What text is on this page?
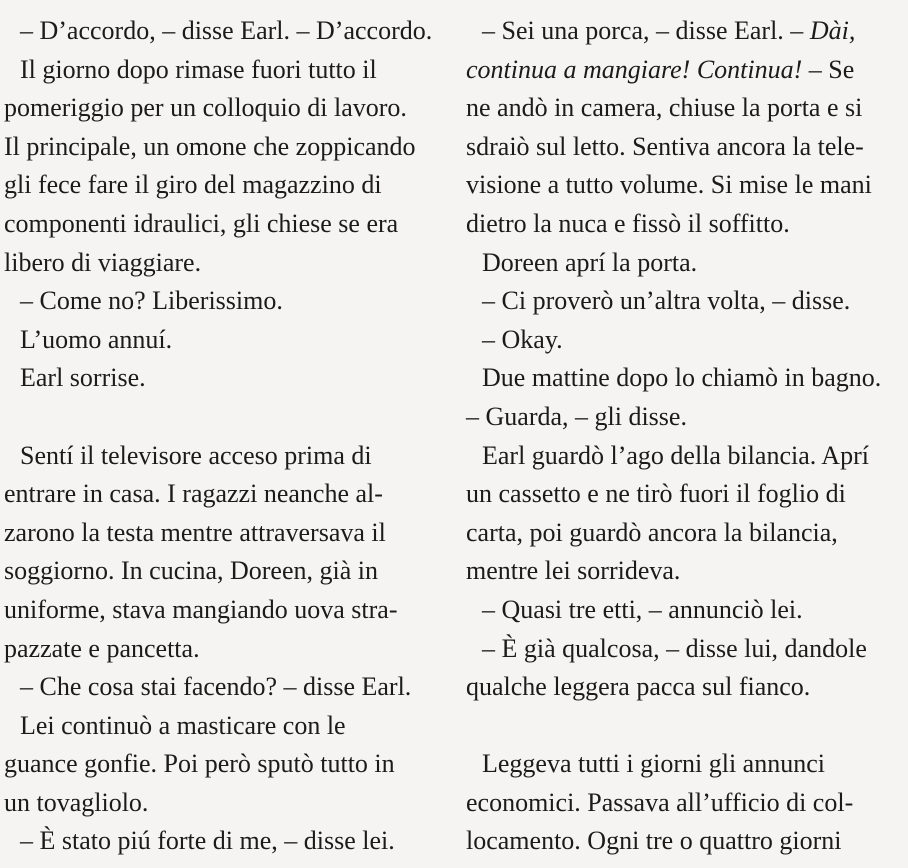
– D’accordo, – disse Earl. – D’accordo.
Il giorno dopo rimase fuori tutto il
pomeriggio per un colloquio di lavoro.
Il principale, un omone che zoppicando
gli fece fare il giro del magazzino di
componenti idraulici, gli chiese se era
libero di viaggiare.
– Come no? Liberissimo.
L’uomo annuí.
Earl sorrise.

Sentí il televisore acceso prima di
entrare in casa. I ragazzi neanche al-
zarono la testa mentre attraversava il
soggiorno. In cucina, Doreen, già in
uniforme, stava mangiando uova stra-
pazzate e pancetta.
– Che cosa stai facendo? – disse Earl.
Lei continuò a masticare con le
guance gonfie. Poi però sputò tutto in
un tovagliolo.
– È stato piú forte di me, – disse lei.
– Sei una porca, – disse Earl. – Dài,
continua a mangiare! Continua! – Se
ne andò in camera, chiuse la porta e si
sdraiò sul letto. Sentiva ancora la tele-
visione a tutto volume. Si mise le mani
dietro la nuca e fissò il soffitto.
Doreen aprí la porta.
– Ci proverò un’altra volta, – disse.
– Okay.
Due mattine dopo lo chiamò in bagno.
– Guarda, – gli disse.
Earl guardò l’ago della bilancia. Aprí
un cassetto e ne tirò fuori il foglio di
carta, poi guardò ancora la bilancia,
mentre lei sorrideva.
– Quasi tre etti, – annunciò lei.
– È già qualcosa, – disse lui, dandole
qualche leggera pacca sul fianco.

Leggeva tutti i giorni gli annunci
economici. Passava all’ufficio di col-
locamento. Ogni tre o quattro giorni
